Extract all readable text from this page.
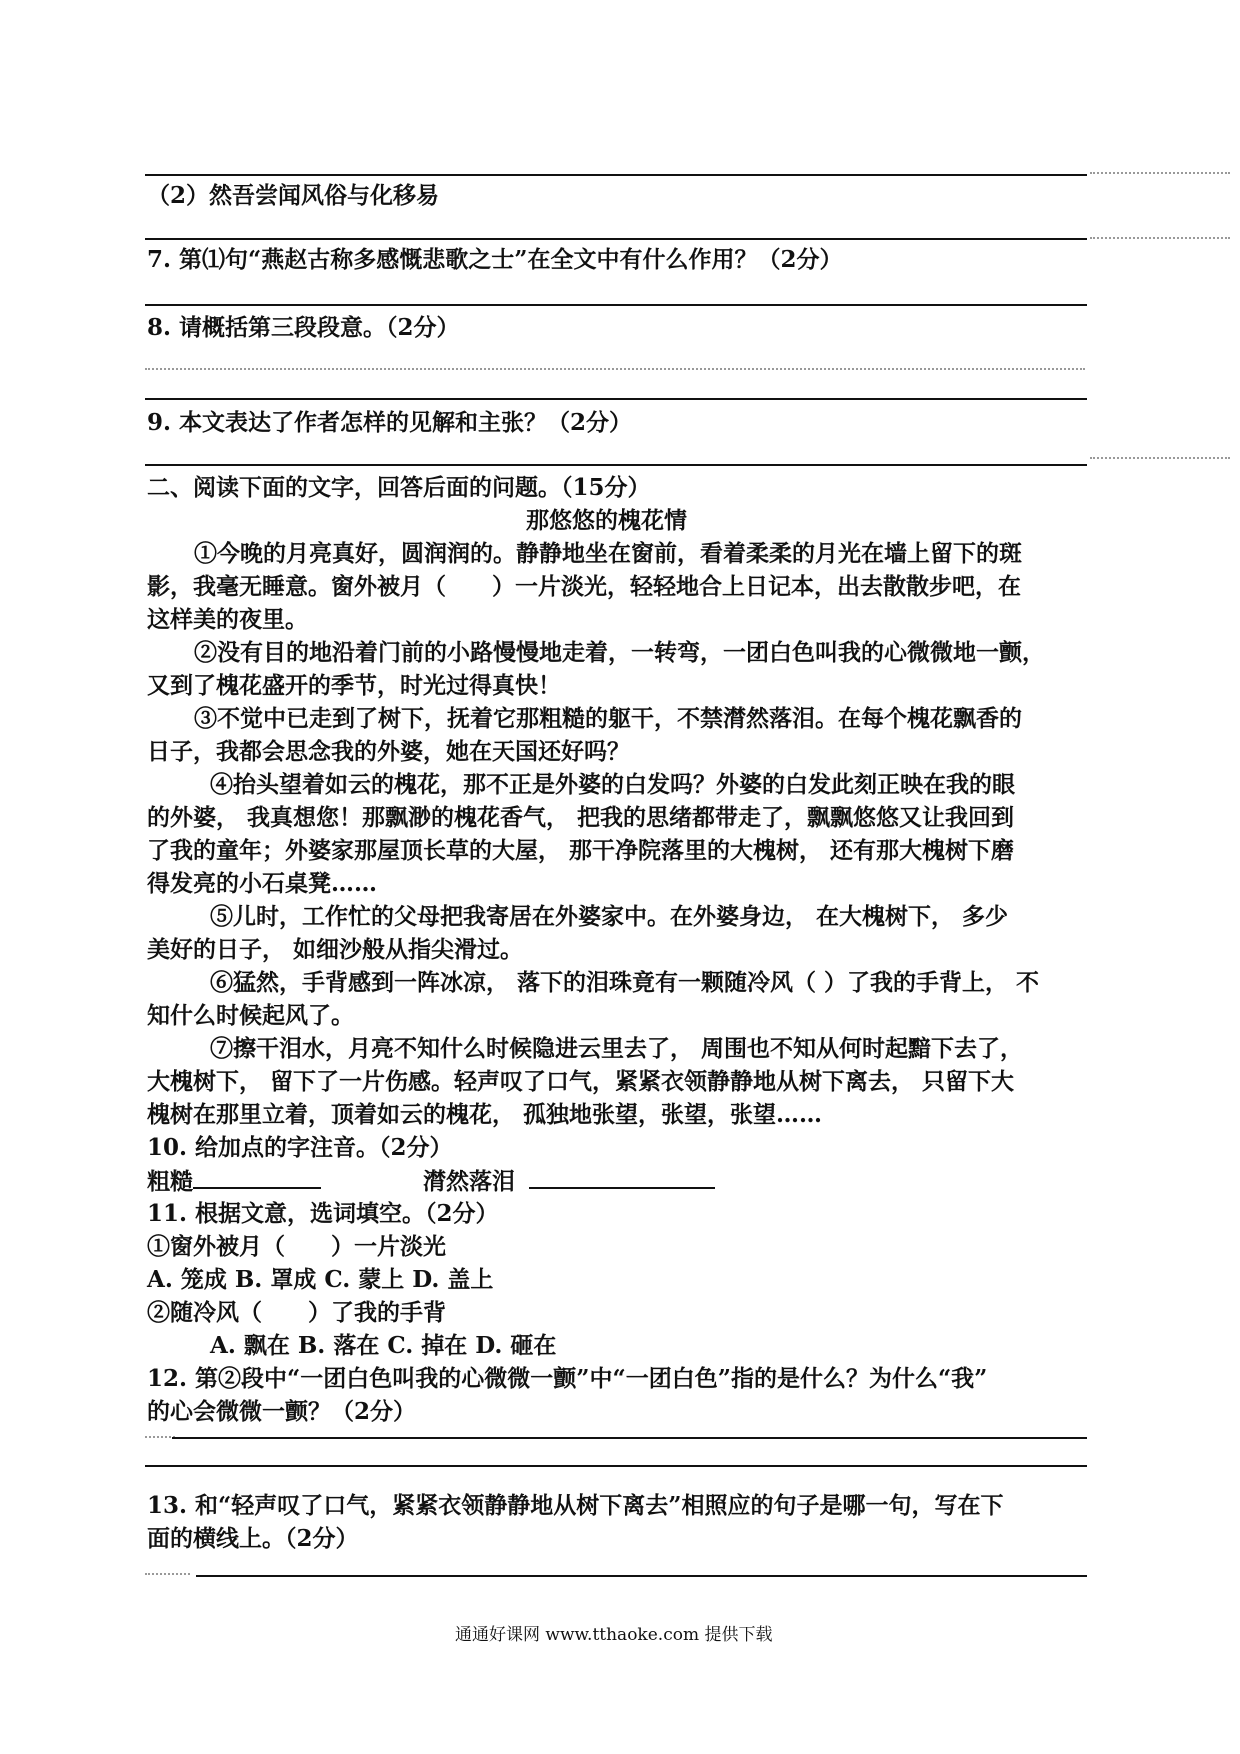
（2）然吾尝闻风俗与化移易
7. 第⑴句“燕赵古称多感慨悲歌之士”在全文中有什么作用？（2分）
8. 请概括第三段段意。（2分）
9. 本文表达了作者怎样的见解和主张？（2分）
二、阅读下面的文字，回答后面的问题。（15分）
那悠悠的槐花情
①今晚的月亮真好，圆润润的。静静地坐在窗前，看着柔柔的月光在墙上留下的斑
影，我毫无睡意。窗外被月（　　）一片淡光，轻轻地合上日记本，出去散散步吧，在
这样美的夜里。
②没有目的地沿着门前的小路慢慢地走着，一转弯，一团白色叫我的心微微地一颤，
又到了槐花盛开的季节，时光过得真快！
③不觉中已走到了树下，抚着它那粗糙的躯干，不禁潸然落泪。在每个槐花飘香的
日子，我都会思念我的外婆，她在天国还好吗？
④抬头望着如云的槐花，那不正是外婆的白发吗？外婆的白发此刻正映在我的眼
的外婆， 我真想您！那飘渺的槐花香气， 把我的思绪都带走了，飘飘悠悠又让我回到
了我的童年；外婆家那屋顶长草的大屋， 那干净院落里的大槐树， 还有那大槐树下磨
得发亮的小石桌凳……
⑤儿时，工作忙的父母把我寄居在外婆家中。在外婆身边， 在大槐树下， 多少
美好的日子， 如细沙般从指尖滑过。
⑥猛然，手背感到一阵冰凉， 落下的泪珠竟有一颗随冷风（ ）了我的手背上， 不
知什么时候起风了。
⑦擦干泪水，月亮不知什么时候隐进云里去了， 周围也不知从何时起黯下去了，
大槐树下， 留下了一片伤感。轻声叹了口气，紧紧衣领静静地从树下离去， 只留下大
槐树在那里立着，顶着如云的槐花， 孤独地张望，张望，张望……
10. 给加点的字注音。（2分）
粗糙	潸然落泪
11. 根据文意，选词填空。（2分）
①窗外被月（　　）一片淡光
A. 笼成 B. 罩成 C. 蒙上 D. 盖上
②随冷风（　　）了我的手背
A. 飘在 B. 落在 C. 掉在 D. 砸在
12. 第②段中“一团白色叫我的心微微一颤”中“一团白色”指的是什么？为什么“我”
的心会微微一颤？（2分）
13. 和“轻声叹了口气，紧紧衣领静静地从树下离去”相照应的句子是哪一句，写在下
面的横线上。（2分）
通通好课网 www.tthaoke.com 提供下载
